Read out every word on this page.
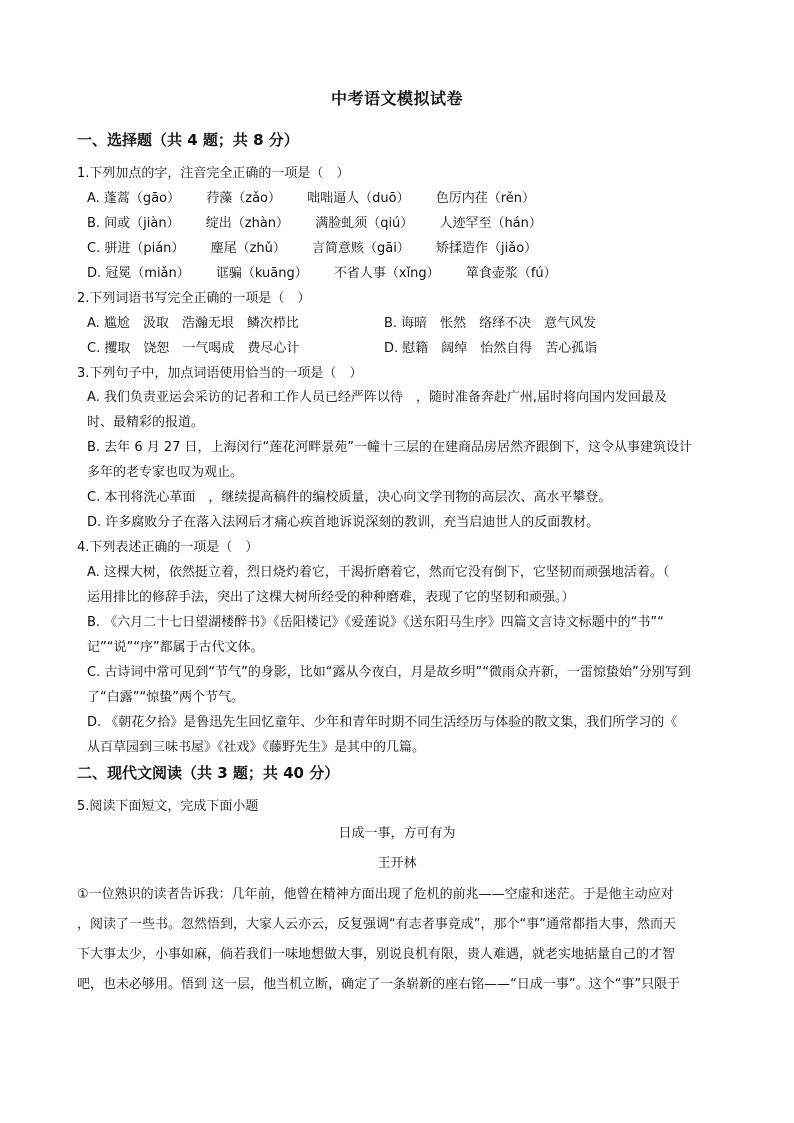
中考语文模拟试卷
一、选择题（共 4 题；共 8 分）
1.下列加点的字，注音完全正确的一项是（　）
A. 蓬蒿（gāo） 荇藻（zǎo） 咄咄逼人（duō） 色厉内荏（rěn）
B. 间或（jiàn） 绽出（zhàn） 满脸虬须（qiú） 人迹罕至（hán）
C. 骈进（pián） 麈尾（zhǔ） 言简意赅（gāi） 矫揉造作（jiǎo）
D. 冠冕（miǎn） 诓骗（kuāng） 不省人事（xǐng） 箪食壶浆（fú）
2.下列词语书写完全正确的一项是（　）
A. 尴尬　汲取　浩瀚无垠　鳞次栉比	B. 诲暗　怅然　络绎不决　意气风发
C. 攫取　饶恕　一气喝成　费尽心计	D. 慰籍　阔绰　怡然自得　苦心孤诣
3.下列句子中，加点词语使用恰当的一项是（　）
A. 我们负责亚运会采访的记者和工作人员已经严阵以待　，随时准备奔赴广州,届时将向国内发回最及
时、最精彩的报道。
B. 去年 6 月 27 日，上海闵行“莲花河畔景苑”一幢十三层的在建商品房居然齐跟倒下，这令从事建筑设计
多年的老专家也叹为观止。
C. 本刊将洗心革面　，继续提高稿件的编校质量，决心向文学刊物的高层次、高水平攀登。
D. 许多腐败分子在落入法网后才痛心疾首地诉说深刻的教训，充当启迪世人的反面教材。
4.下列表述正确的一项是（　）
A. 这棵大树，依然挺立着，烈日烧灼着它，干渴折磨着它，然而它没有倒下，它坚韧而顽强地活着。（
运用排比的修辞手法，突出了这棵大树所经受的种种磨难，表现了它的坚韧和顽强。）
B. 《六月二十七日望湖楼醉书》《岳阳楼记》《爱莲说》《送东阳马生序》四篇文言诗文标题中的“书”“
记”“说”“序”都属于古代文体。
C. 古诗词中常可见到“节气”的身影，比如“露从今夜白，月是故乡明”“微雨众卉新，一雷惊蛰始”分别写到
了“白露”“惊蛰”两个节气。
D. 《朝花夕拾》是鲁迅先生回忆童年、少年和青年时期不同生活经历与体验的散文集，我们所学习的《
从百草园到三味书屋》《社戏》《藤野先生》是其中的几篇。
二、现代文阅读（共 3 题；共 40 分）
5.阅读下面短文，完成下面小题
日成一事，方可有为
王开林
①一位熟识的读者告诉我：几年前，他曾在精神方面出现了危机的前兆——空虚和迷茫。于是他主动应对
，阅读了一些书。忽然悟到，大家人云亦云，反复强调“有志者事竟成”，那个“事”通常都指大事，然而天
下大事太少，小事如麻，倘若我们一味地想做大事，别说良机有限，贵人难遇，就老实地掂量自己的才智
吧，也未必够用。悟到 这一层，他当机立断，确定了一条崭新的座右铭——“日成一事”。这个“事”只限于
